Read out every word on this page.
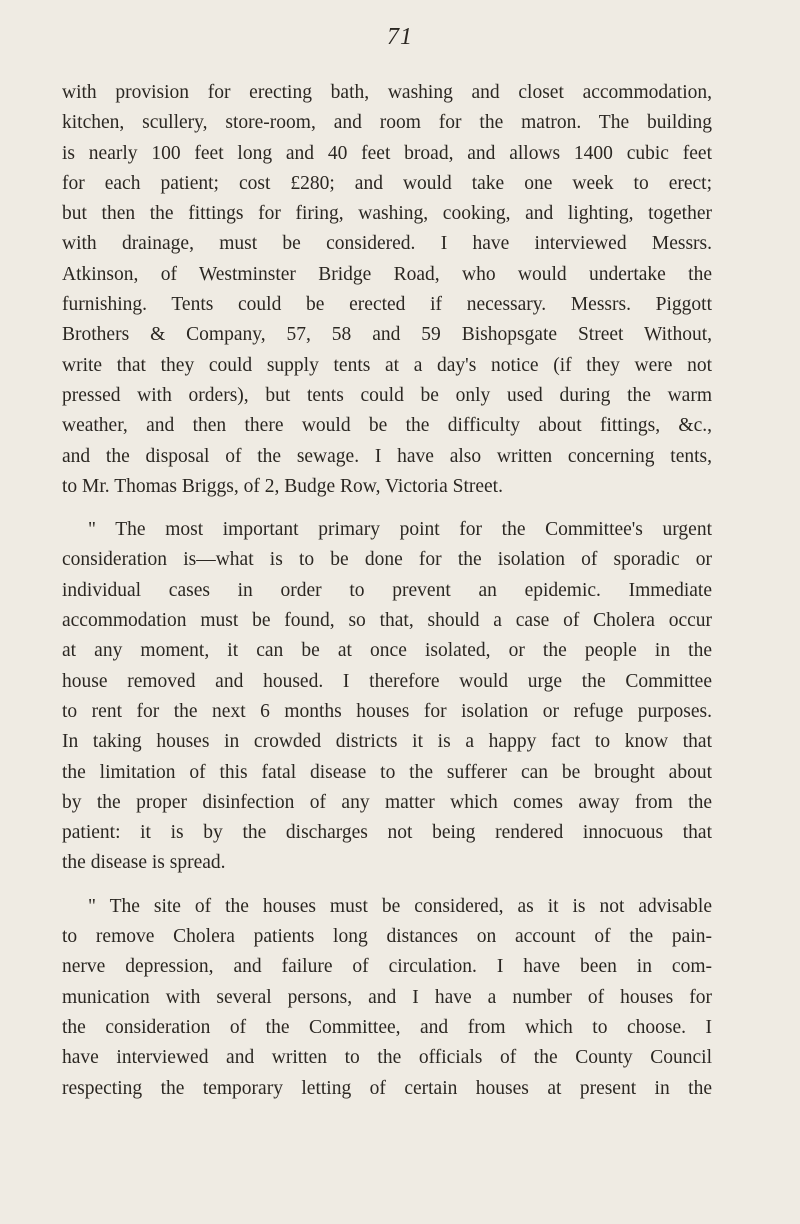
71
with provision for erecting bath, washing and closet accommodation,
kitchen, scullery, store-room, and room for the matron. The building
is nearly 100 feet long and 40 feet broad, and allows 1400 cubic feet
for each patient; cost £280; and would take one week to erect;
but then the fittings for firing, washing, cooking, and lighting, together
with drainage, must be considered. I have interviewed Messrs.
Atkinson, of Westminster Bridge Road, who would undertake the
furnishing. Tents could be erected if necessary. Messrs. Piggott
Brothers & Company, 57, 58 and 59 Bishopsgate Street Without,
write that they could supply tents at a day's notice (if they were not
pressed with orders), but tents could be only used during the warm
weather, and then there would be the difficulty about fittings, &c.,
and the disposal of the sewage. I have also written concerning tents,
to Mr. Thomas Briggs, of 2, Budge Row, Victoria Street.
" The most important primary point for the Committee's urgent
consideration is—what is to be done for the isolation of sporadic or
individual cases in order to prevent an epidemic. Immediate
accommodation must be found, so that, should a case of Cholera occur
at any moment, it can be at once isolated, or the people in the
house removed and housed. I therefore would urge the Committee
to rent for the next 6 months houses for isolation or refuge purposes.
In taking houses in crowded districts it is a happy fact to know that
the limitation of this fatal disease to the sufferer can be brought about
by the proper disinfection of any matter which comes away from the
patient: it is by the discharges not being rendered innocuous that
the disease is spread.
" The site of the houses must be considered, as it is not advisable
to remove Cholera patients long distances on account of the pain-
nerve depression, and failure of circulation. I have been in com-
munication with several persons, and I have a number of houses for
the consideration of the Committee, and from which to choose. I
have interviewed and written to the officials of the County Council
respecting the temporary letting of certain houses at present in the
